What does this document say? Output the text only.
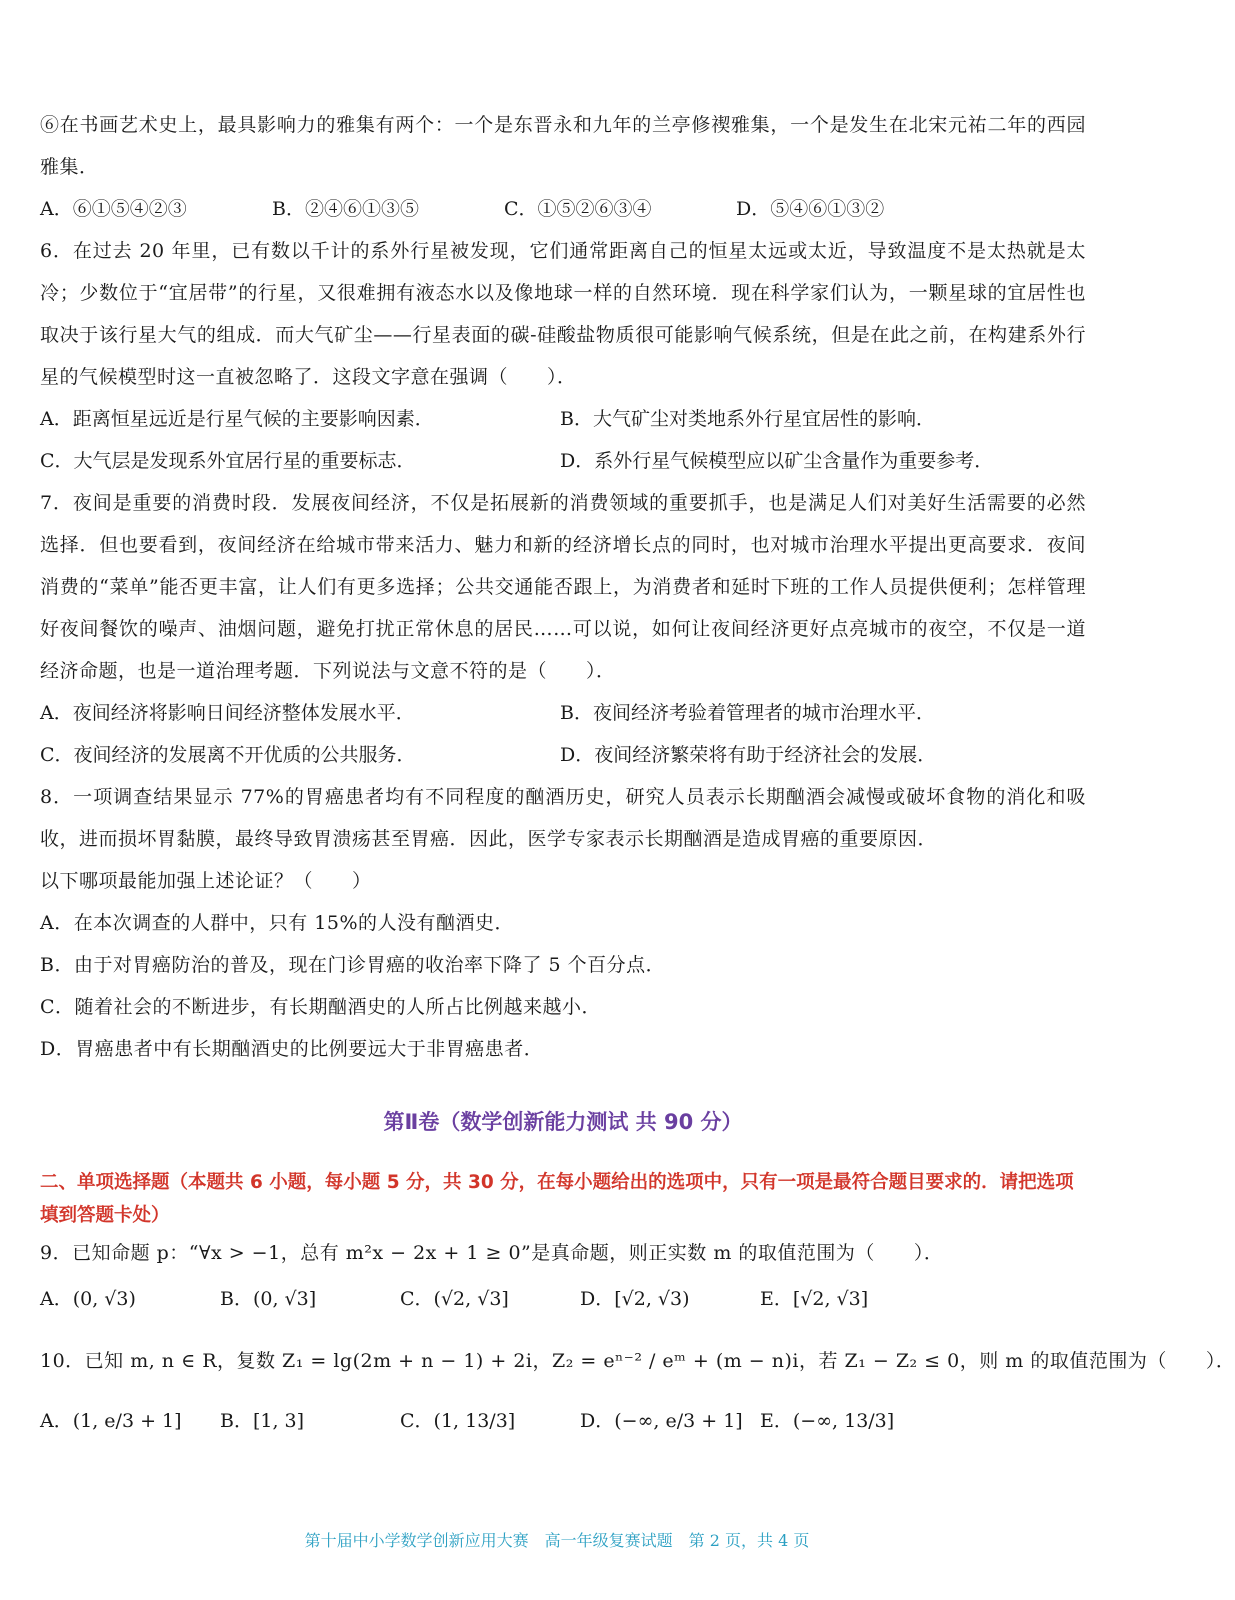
⑥在书画艺术史上，最具影响力的雅集有两个：一个是东晋永和九年的兰亭修禊雅集，一个是发生在北宋元祐二年的西园雅集．

A．⑥①⑤④②③	B．②④⑥①③⑤	C．①⑤②⑥③④	D．⑤④⑥①③②

6．在过去 20 年里，已有数以千计的系外行星被发现，它们通常距离自己的恒星太远或太近，导致温度不是太热就是太冷；少数位于“宜居带”的行星，又很难拥有液态水以及像地球一样的自然环境．现在科学家们认为，一颗星球的宜居性也取决于该行星大气的组成．而大气矿尘——行星表面的碳-硅酸盐物质很可能影响气候系统，但是在此之前，在构建系外行星的气候模型时这一直被忽略了．这段文字意在强调（　　）．

A．距离恒星远近是行星气候的主要影响因素．	B．大气矿尘对类地系外行星宜居性的影响．
C．大气层是发现系外宜居行星的重要标志．	D．系外行星气候模型应以矿尘含量作为重要参考．

7．夜间是重要的消费时段．发展夜间经济，不仅是拓展新的消费领域的重要抓手，也是满足人们对美好生活需要的必然选择．但也要看到，夜间经济在给城市带来活力、魅力和新的经济增长点的同时，也对城市治理水平提出更高要求．夜间消费的“菜单”能否更丰富，让人们有更多选择；公共交通能否跟上，为消费者和延时下班的工作人员提供便利；怎样管理好夜间餐饮的噪声、油烟问题，避免打扰正常休息的居民……可以说，如何让夜间经济更好点亮城市的夜空，不仅是一道经济命题，也是一道治理考题．下列说法与文意不符的是（　　）．

A．夜间经济将影响日间经济整体发展水平．	B．夜间经济考验着管理者的城市治理水平．
C．夜间经济的发展离不开优质的公共服务．	D．夜间经济繁荣将有助于经济社会的发展．

8．一项调查结果显示 77%的胃癌患者均有不同程度的酗酒历史，研究人员表示长期酗酒会减慢或破坏食物的消化和吸收，进而损坏胃黏膜，最终导致胃溃疡甚至胃癌．因此，医学专家表示长期酗酒是造成胃癌的重要原因．

以下哪项最能加强上述论证？（　　）

A．在本次调查的人群中，只有 15%的人没有酗酒史．

B．由于对胃癌防治的普及，现在门诊胃癌的收治率下降了 5 个百分点．

C．随着社会的不断进步，有长期酗酒史的人所占比例越来越小．

D．胃癌患者中有长期酗酒史的比例要远大于非胃癌患者．

第Ⅱ卷（数学创新能力测试 共 90 分）
二、单项选择题（本题共 6 小题，每小题 5 分，共 30 分，在每小题给出的选项中，只有一项是最符合题目要求的．请把选项填到答题卡处）

9．已知命题 p：“∀x > −1，总有 m²x − 2x + 1 ≥ 0”是真命题，则正实数 m 的取值范围为（　　）．

A．(0, √3)	B．(0, √3]	C．(√2, √3]	D．[√2, √3)	E．[√2, √3]

10．已知 m, n ∈ R，复数 Z₁ = lg(2m + n − 1) + 2i，Z₂ = eⁿ⁻² / eᵐ + (m − n)i，若 Z₁ − Z₂ ≤ 0，则 m 的取值范围为（　　）．

A．(1, e/3 + 1]	B．[1, 3]	C．(1, 13/3]	D．(−∞, e/3 + 1] E．(−∞, 13/3]
第十届中小学数学创新应用大赛　高一年级复赛试题　第 2 页，共 4 页
